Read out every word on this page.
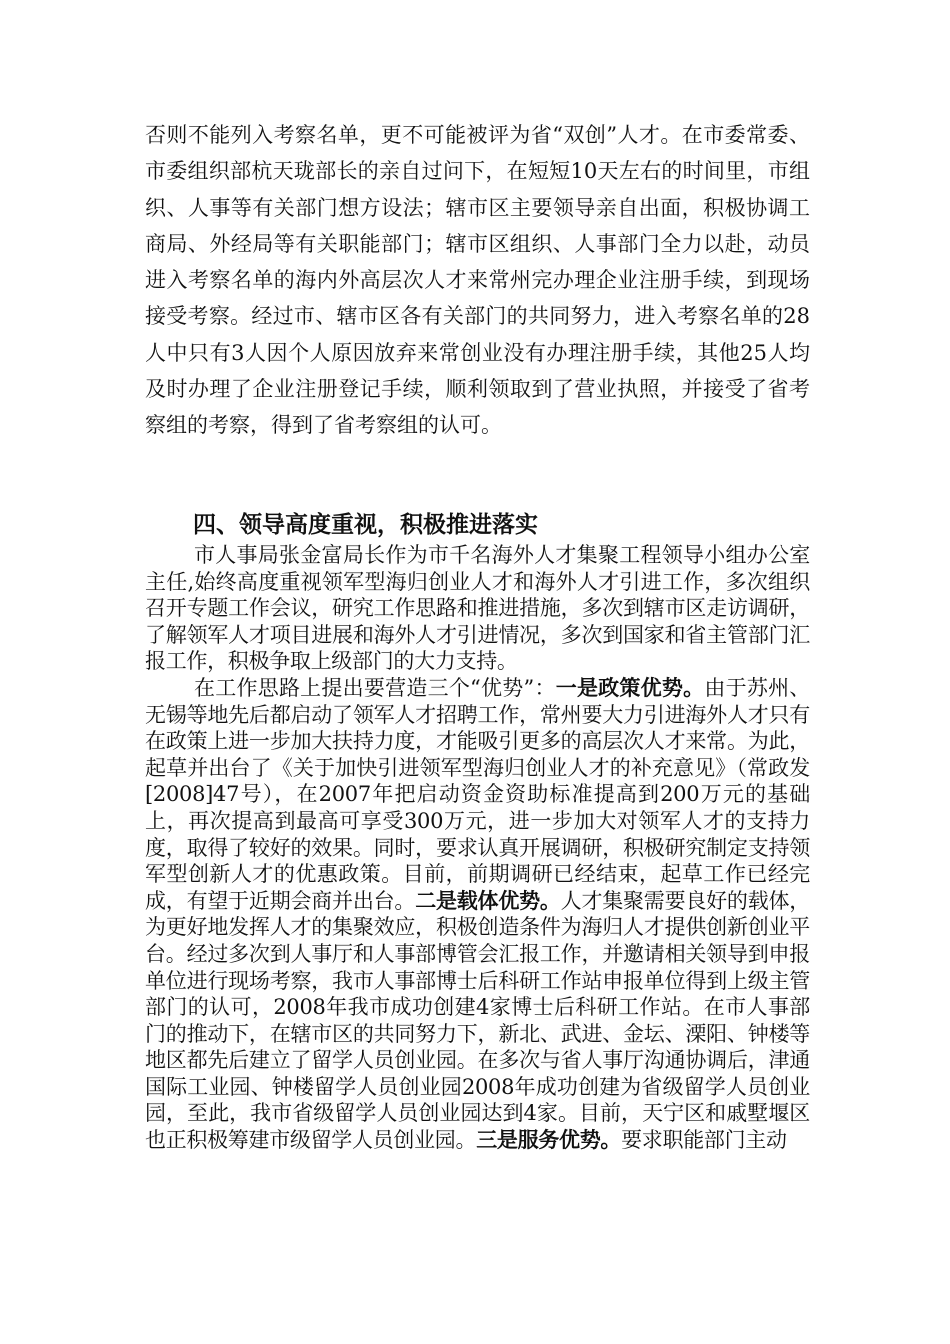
否则不能列入考察名单，更不可能被评为省“双创”人才。在市委常委、市委组织部杭天珑部长的亲自过问下，在短短10天左右的时间里，市组织、人事等有关部门想方设法；辖市区主要领导亲自出面，积极协调工商局、外经局等有关职能部门；辖市区组织、人事部门全力以赴，动员进入考察名单的海内外高层次人才来常州完办理企业注册手续，到现场接受考察。经过市、辖市区各有关部门的共同努力，进入考察名单的28人中只有3人因个人原因放弃来常创业没有办理注册手续，其他25人均及时办理了企业注册登记手续，顺利领取到了营业执照，并接受了省考察组的考察，得到了省考察组的认可。

四、领导高度重视，积极推进落实

市人事局张金富局长作为市千名海外人才集聚工程领导小组办公室主任,始终高度重视领军型海归创业人才和海外人才引进工作，多次组织召开专题工作会议，研究工作思路和推进措施，多次到辖市区走访调研，了解领军人才项目进展和海外人才引进情况，多次到国家和省主管部门汇报工作，积极争取上级部门的大力支持。

在工作思路上提出要营造三个“优势”：一是政策优势。由于苏州、无锡等地先后都启动了领军人才招聘工作，常州要大力引进海外人才只有在政策上进一步加大扶持力度，才能吸引更多的高层次人才来常。为此，起草并出台了《关于加快引进领军型海归创业人才的补充意见》（常政发[2008]47号），在2007年把启动资金资助标准提高到200万元的基础上，再次提高到最高可享受300万元，进一步加大对领军人才的支持力度，取得了较好的效果。同时，要求认真开展调研，积极研究制定支持领军型创新人才的优惠政策。目前，前期调研已经结束，起草工作已经完成，有望于近期会商并出台。二是载体优势。人才集聚需要良好的载体，为更好地发挥人才的集聚效应，积极创造条件为海归人才提供创新创业平台。经过多次到人事厅和人事部博管会汇报工作，并邀请相关领导到申报单位进行现场考察，我市人事部博士后科研工作站申报单位得到上级主管部门的认可，2008年我市成功创建4家博士后科研工作站。在市人事部门的推动下，在辖市区的共同努力下，新北、武进、金坛、溧阳、钟楼等地区都先后建立了留学人员创业园。在多次与省人事厅沟通协调后，津通国际工业园、钟楼留学人员创业园2008年成功创建为省级留学人员创业园，至此，我市省级留学人员创业园达到4家。目前，天宁区和戚墅堰区也正积极筹建市级留学人员创业园。三是服务优势。要求职能部门主动
